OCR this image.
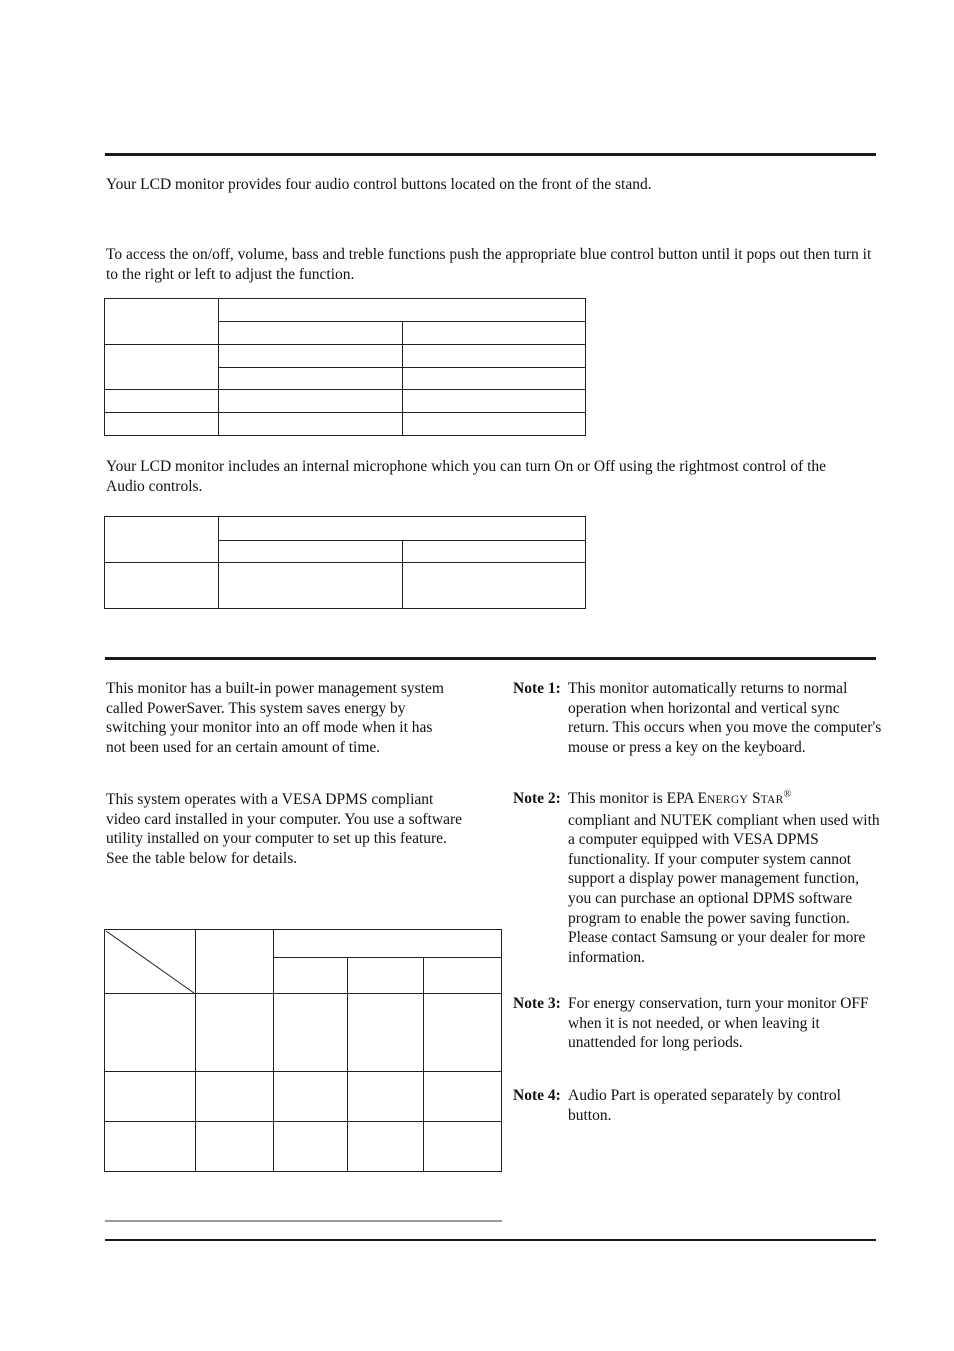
Your LCD monitor provides four audio control buttons located on the front of the stand.

To access the on/off, volume, bass and treble functions push the appropriate blue control button until it pops out then turn it to the right or left to adjust the function.

Your LCD monitor includes an internal microphone which you can turn On or Off using the rightmost control of the Audio controls.

This monitor has a built-in power management system called PowerSaver. This system saves energy by switching your monitor into an off mode when it has not been used for an certain amount of time.

This system operates with a VESA DPMS compliant video card installed in your computer. You use a software utility installed on your computer to set up this feature. See the table below for details.

Note 1: This monitor automatically returns to normal operation when horizontal and vertical sync return. This occurs when you move the computer's mouse or press a key on the keyboard.
Note 2: This monitor is EPA ENERGY STAR®
compliant and NUTEK compliant when used with a computer equipped with VESA DPMS functionality. If your computer system cannot support a display power management function, you can purchase an optional DPMS software program to enable the power saving function. Please contact Samsung or your dealer for more information.
Note 3: For energy conservation, turn your monitor OFF when it is not needed, or when leaving it unattended for long periods.
Note 4: Audio Part is operated separately by control button.
